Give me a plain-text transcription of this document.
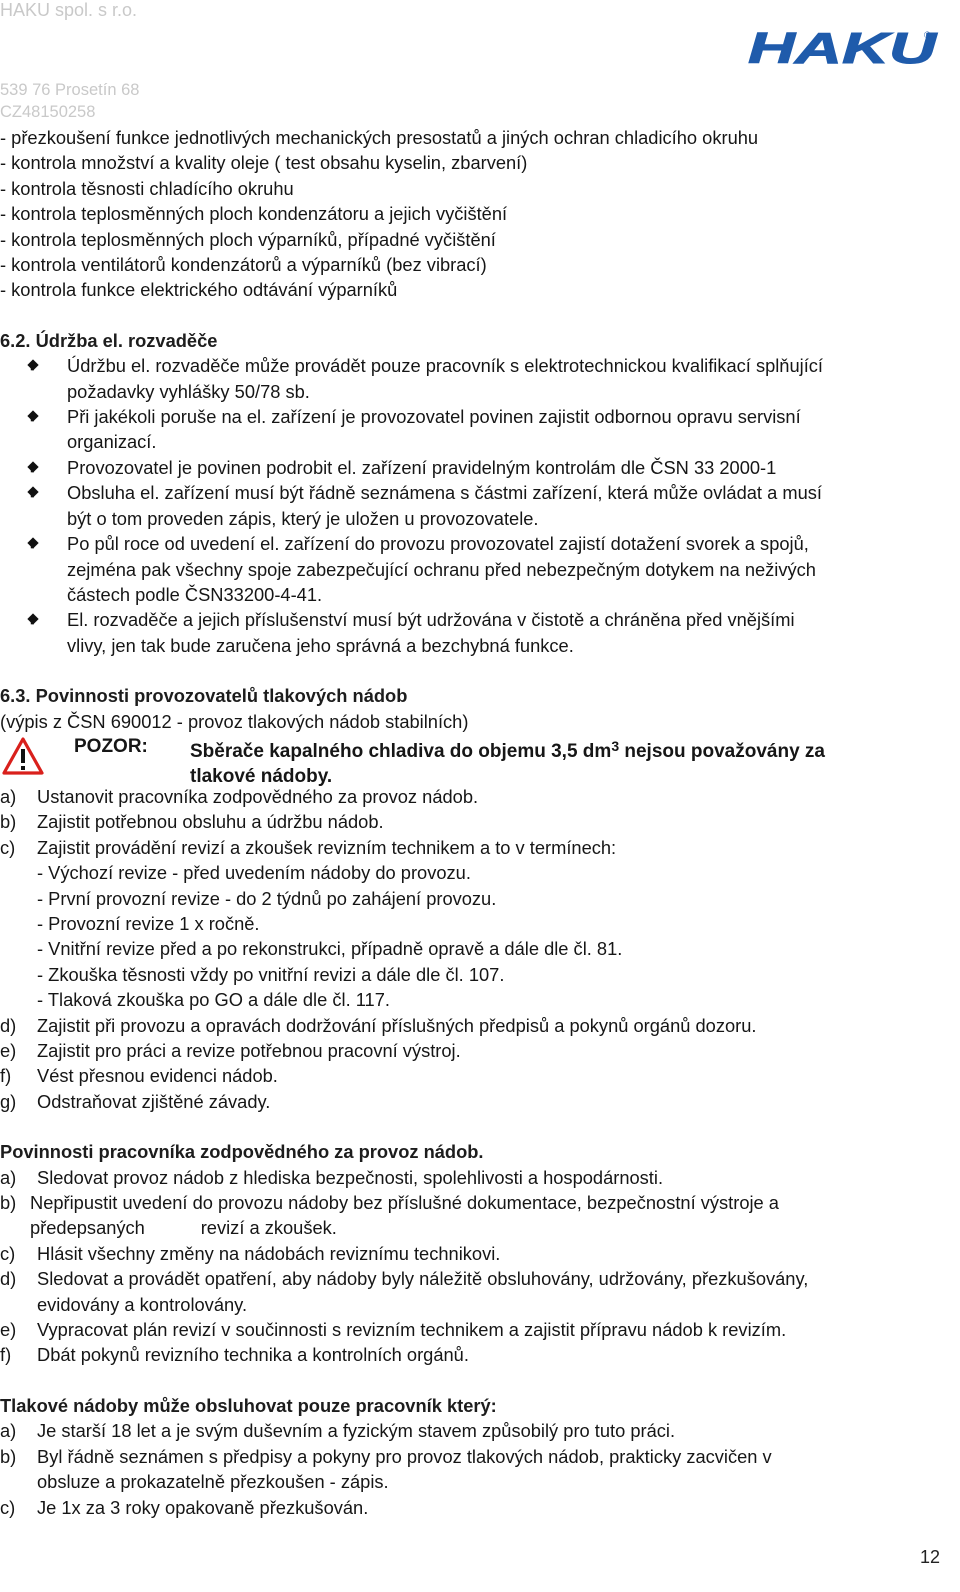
HAKU spol. s r.o.
539 76 Prosetín 68
CZ48150258
HAKU
®
- přezkoušení funkce jednotlivých mechanických presostatů a jiných ochran chladicího okruhu
- kontrola množství a kvality oleje ( test obsahu kyselin, zbarvení)
- kontrola těsnosti chladícího okruhu
- kontrola teplosměnných ploch kondenzátoru a jejich vyčištění
- kontrola teplosměnných ploch výparníků, případné vyčištění
- kontrola ventilátorů kondenzátorů a výparníků (bez vibrací)
- kontrola funkce elektrického odtávání výparníků
6.2. Údržba el. rozvaděče
Údržbu el. rozvaděče může provádět pouze pracovník s elektrotechnickou kvalifikací splňující
požadavky vyhlášky 50/78 sb.
Při jakékoli poruše na el. zařízení je provozovatel povinen zajistit odbornou opravu servisní
organizací.
Provozovatel je povinen podrobit el. zařízení pravidelným kontrolám dle ČSN 33 2000-1
Obsluha el. zařízení musí být řádně seznámena s částmi zařízení, která může ovládat a musí
být o tom proveden zápis, který je uložen u provozovatele.
Po půl roce od uvedení el. zařízení do provozu provozovatel zajistí dotažení svorek a spojů,
zejména pak všechny spoje zabezpečující ochranu před nebezpečným dotykem na neživých
částech podle ČSN33200-4-41.
El. rozvaděče a jejich příslušenství musí být udržována v čistotě a chráněna před vnějšími
vlivy, jen tak bude zaručena jeho správná a bezchybná funkce.
6.3. Povinnosti provozovatelů tlakových nádob
(výpis z ČSN 690012 - provoz tlakových nádob stabilních)
POZOR: Sběrače kapalného chladiva do objemu 3,5 $dm^3$ nejsou považovány za
tlakové nádoby.
a) Ustanovit pracovníka zodpovědného za provoz nádob.
b) Zajistit potřebnou obsluhu a údržbu nádob.
c) Zajistit provádění revizí a zkoušek revizním technikem a to v termínech:
- Výchozí revize - před uvedením nádoby do provozu.
- První provozní revize - do 2 týdnů po zahájení provozu.
- Provozní revize 1 x ročně.
- Vnitřní revize před a po rekonstrukci, případně opravě a dále dle čl. 81.
- Zkouška těsnosti vždy po vnitřní revizi a dále dle čl. 107.
- Tlaková zkouška po GO a dále dle čl. 117.
d) Zajistit při provozu a opravách dodržování příslušných předpisů a pokynů orgánů dozoru.
e) Zajistit pro práci a revize potřebnou pracovní výstroj.
f) Vést přesnou evidenci nádob.
g) Odstraňovat zjištěné závady.
Povinnosti pracovníka zodpovědného za provoz nádob.
a) Sledovat provoz nádob z hlediska bezpečnosti, spolehlivosti a hospodárnosti.
b) Nepřipustit uvedení do provozu nádoby bez příslušné dokumentace, bezpečnostní výstroje a
předepsaných           revizí a zkoušek.
c) Hlásit všechny změny na nádobách reviznímu technikovi.
d) Sledovat a provádět opatření, aby nádoby byly náležitě obsluhovány, udržovány, přezkušovány,
evidovány a kontrolovány.
e) Vypracovat plán revizí v součinnosti s revizním technikem a zajistit přípravu nádob k revizím.
f) Dbát pokynů revizního technika a kontrolních orgánů.
Tlakové nádoby může obsluhovat pouze pracovník který:
a) Je starší 18 let a je svým duševním a fyzickým stavem způsobilý pro tuto práci.
b) Byl řádně seznámen s předpisy a pokyny pro provoz tlakových nádob, prakticky zacvičen v
obsluze a prokazatelně přezkoušen - zápis.
c) Je 1x za 3 roky opakovaně přezkušován.
12
